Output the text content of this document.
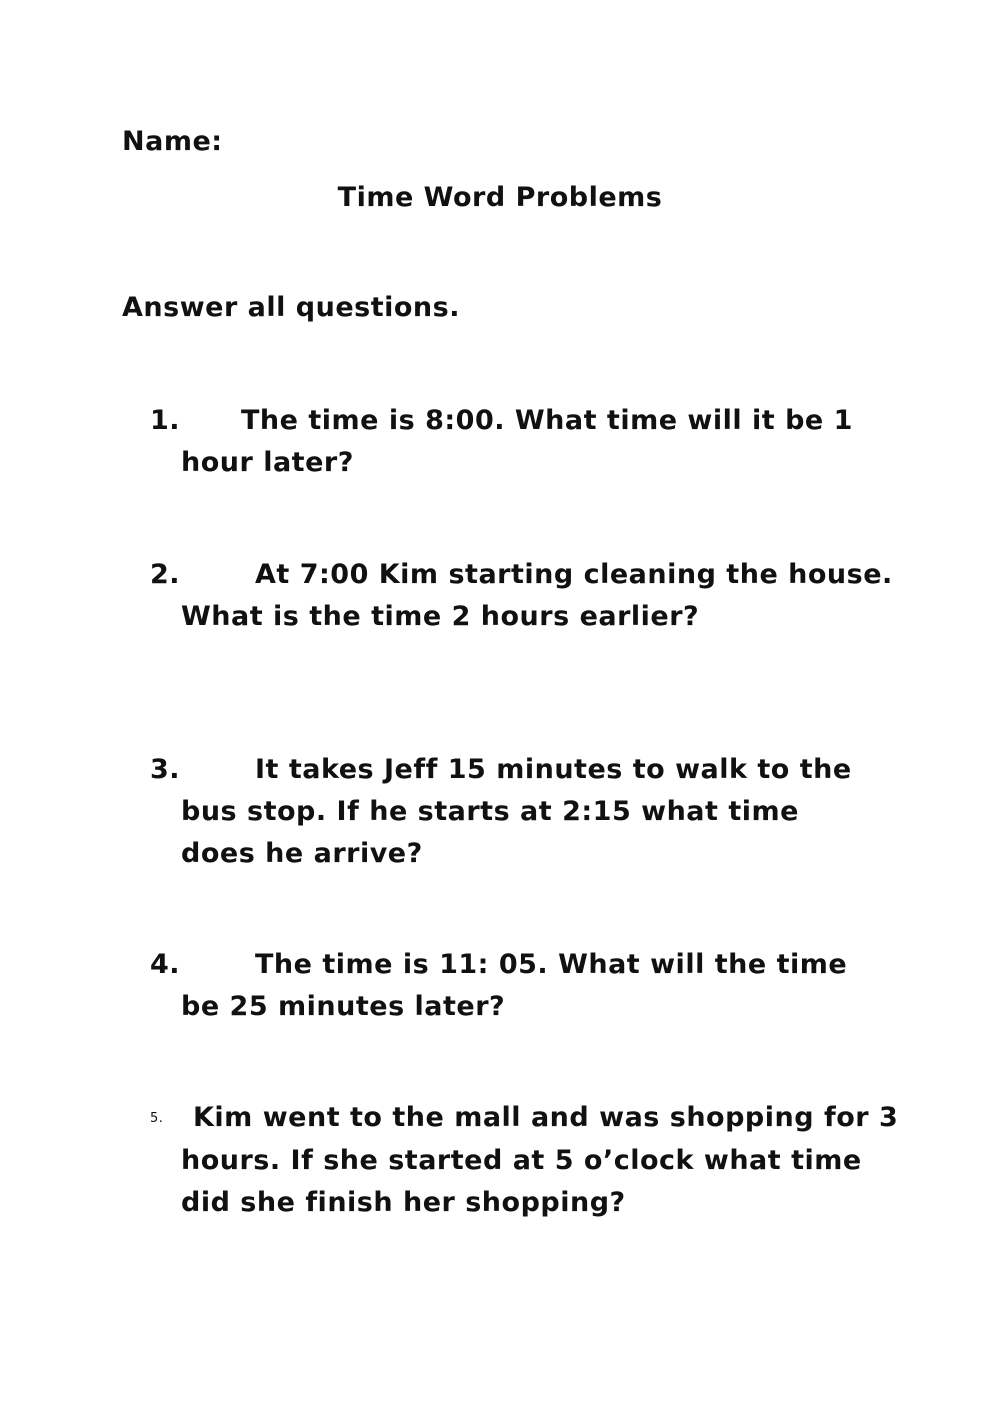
Name:
Time Word Problems
Answer all questions.
1. The time is 8:00. What time will it be 1
hour later?
2.	At 7:00 Kim starting cleaning the house.
What is the time 2 hours earlier?
3.	It takes Jeff 15 minutes to walk to the
bus stop. If he starts at 2:15 what time
does he arrive?
4.	The time is 11: 05. What will the time
be 25 minutes later?
5. Kim went to the mall and was shopping for 3
hours. If she started at 5 o’clock what time
did she finish her shopping?
